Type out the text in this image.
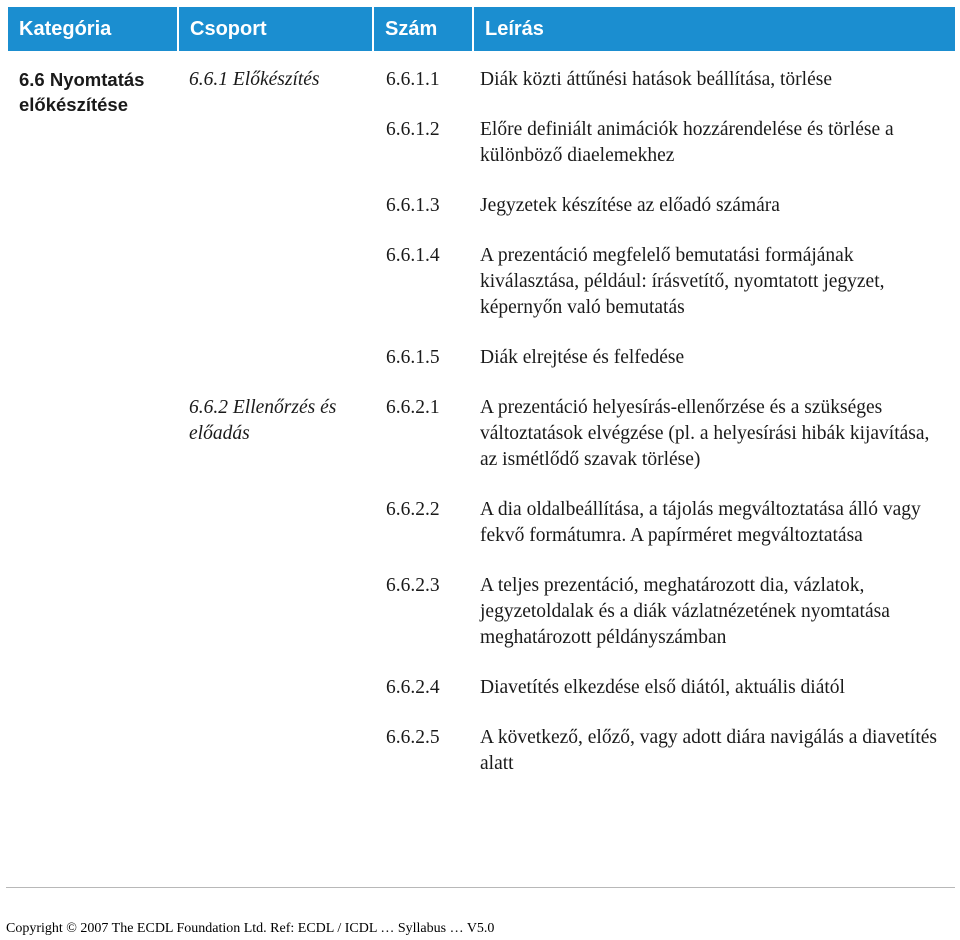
Kategória	Csoport	Szám	Leírás
6.6 Nyomtatás előkészítése	6.6.1 Előkészítés	6.6.1.1	Diák közti áttűnési hatások beállítása, törlése
		6.6.1.2	Előre definiált animációk hozzárendelése és törlése a különböző diaelemekhez
		6.6.1.3	Jegyzetek készítése az előadó számára
		6.6.1.4	A prezentáció megfelelő bemutatási formájának kiválasztása, például: írásvetítő, nyomtatott jegyzet, képernyőn való bemutatás
		6.6.1.5	Diák elrejtése és felfedése
	6.6.2 Ellenőrzés és előadás	6.6.2.1	A prezentáció helyesírás-ellenőrzése és a szükséges változtatások elvégzése (pl. a helyesírási hibák kijavítása, az ismétlődő szavak törlése)
		6.6.2.2	A dia oldalbeállítása, a tájolás megváltoztatása álló vagy fekvő formátumra. A papírméret megváltoztatása
		6.6.2.3	A teljes prezentáció, meghatározott dia, vázlatok, jegyzetoldalak és a diák vázlatnézetének nyomtatása meghatározott példányszámban
		6.6.2.4	Diavetítés elkezdése első diától, aktuális diától
		6.6.2.5	A következő, előző, vagy adott diára navigálás a diavetítés alatt
Copyright © 2007 The ECDL Foundation Ltd. Ref: ECDL / ICDL … Syllabus … V5.0
